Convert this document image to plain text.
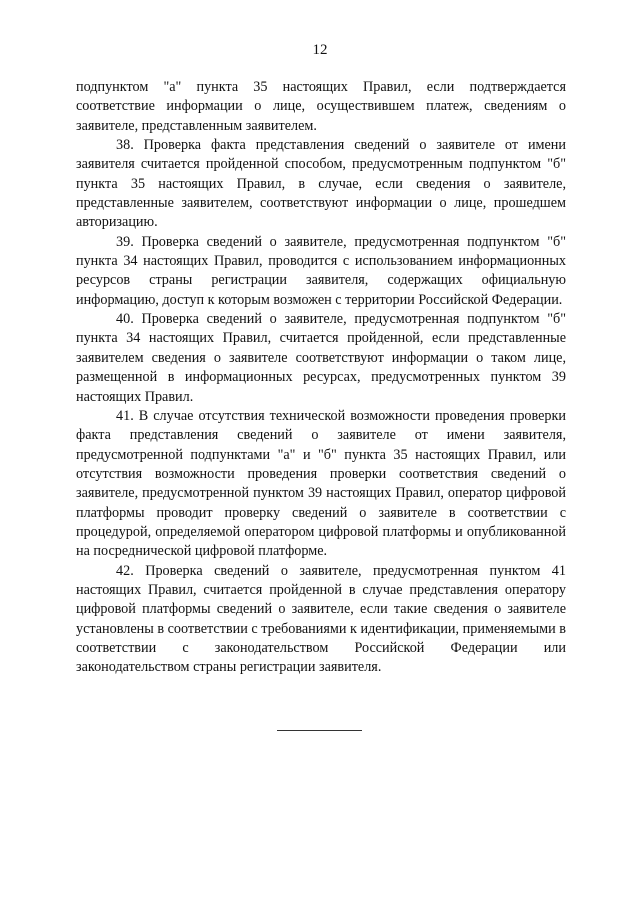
12

подпунктом "а" пункта 35 настоящих Правил, если подтверждается соответствие информации о лице, осуществившем платеж, сведениям о заявителе, представленным заявителем.

38. Проверка факта представления сведений о заявителе от имени заявителя считается пройденной способом, предусмотренным подпунктом "б" пункта 35 настоящих Правил, в случае, если сведения о заявителе, представленные заявителем, соответствуют информации о лице, прошедшем авторизацию.

39. Проверка сведений о заявителе, предусмотренная подпунктом "б" пункта 34 настоящих Правил, проводится с использованием информационных ресурсов страны регистрации заявителя, содержащих официальную информацию, доступ к которым возможен с территории Российской Федерации.

40. Проверка сведений о заявителе, предусмотренная подпунктом "б" пункта 34 настоящих Правил, считается пройденной, если представленные заявителем сведения о заявителе соответствуют информации о таком лице, размещенной в информационных ресурсах, предусмотренных пунктом 39 настоящих Правил.

41. В случае отсутствия технической возможности проведения проверки факта представления сведений о заявителе от имени заявителя, предусмотренной подпунктами "а" и "б" пункта 35 настоящих Правил, или отсутствия возможности проведения проверки соответствия сведений о заявителе, предусмотренной пунктом 39 настоящих Правил, оператор цифровой платформы проводит проверку сведений о заявителе в соответствии с процедурой, определяемой оператором цифровой платформы и опубликованной на посреднической цифровой платформе.

42. Проверка сведений о заявителе, предусмотренная пунктом 41 настоящих Правил, считается пройденной в случае представления оператору цифровой платформы сведений о заявителе, если такие сведения о заявителе установлены в соответствии с требованиями к идентификации, применяемыми в соответствии с законодательством Российской Федерации или законодательством страны регистрации заявителя.
